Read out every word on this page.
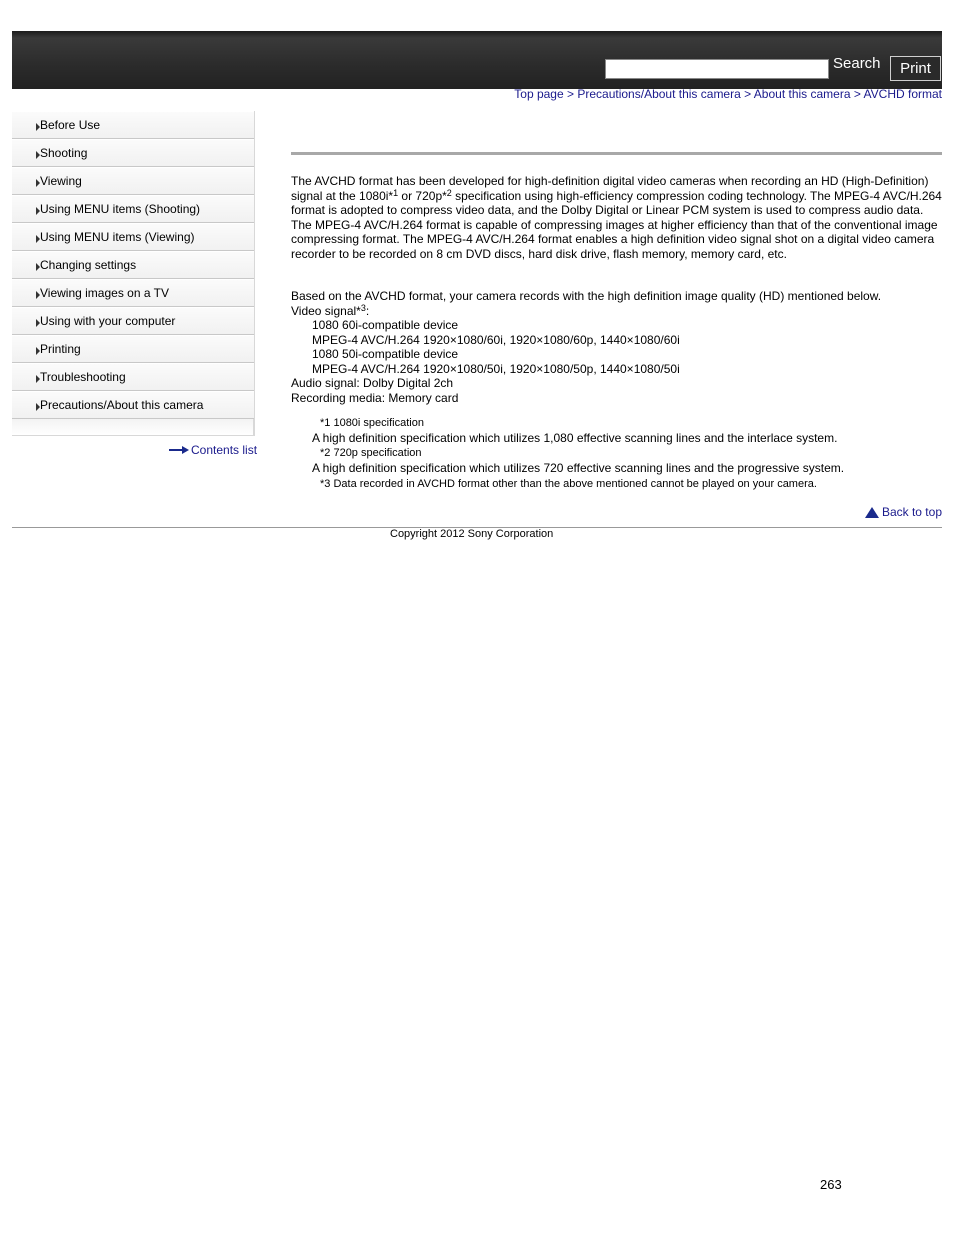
Search	Print
Top page > Precautions/About this camera > About this camera > AVCHD format
Before Use
Shooting
Viewing
Using MENU items (Shooting)
Using MENU items (Viewing)
Changing settings
Viewing images on a TV
Using with your computer
Printing
Troubleshooting
Precautions/About this camera
Contents list

The AVCHD format has been developed for high-definition digital video cameras when recording an HD (High-Definition) signal at the 1080i*$^1$ or 720p*$^2$ specification using high-efficiency compression coding technology. The MPEG-4 AVC/H.264 format is adopted to compress video data, and the Dolby Digital or Linear PCM system is used to compress audio data.

The MPEG-4 AVC/H.264 format is capable of compressing images at higher efficiency than that of the conventional image compressing format. The MPEG-4 AVC/H.264 format enables a high definition video signal shot on a digital video camera recorder to be recorded on 8 cm DVD discs, hard disk drive, flash memory, memory card, etc.

Based on the AVCHD format, your camera records with the high definition image quality (HD) mentioned below.

Video signal*$^3$:

1080 60i-compatible device

MPEG-4 AVC/H.264 1920×1080/60i, 1920×1080/60p, 1440×1080/60i

1080 50i-compatible device

MPEG-4 AVC/H.264 1920×1080/50i, 1920×1080/50p, 1440×1080/50i

Audio signal: Dolby Digital 2ch

Recording media: Memory card

*1 1080i specification

A high definition specification which utilizes 1,080 effective scanning lines and the interlace system.

*2 720p specification

A high definition specification which utilizes 720 effective scanning lines and the progressive system.

*3 Data recorded in AVCHD format other than the above mentioned cannot be played on your camera.

Back to top
Copyright 2012 Sony Corporation
263
